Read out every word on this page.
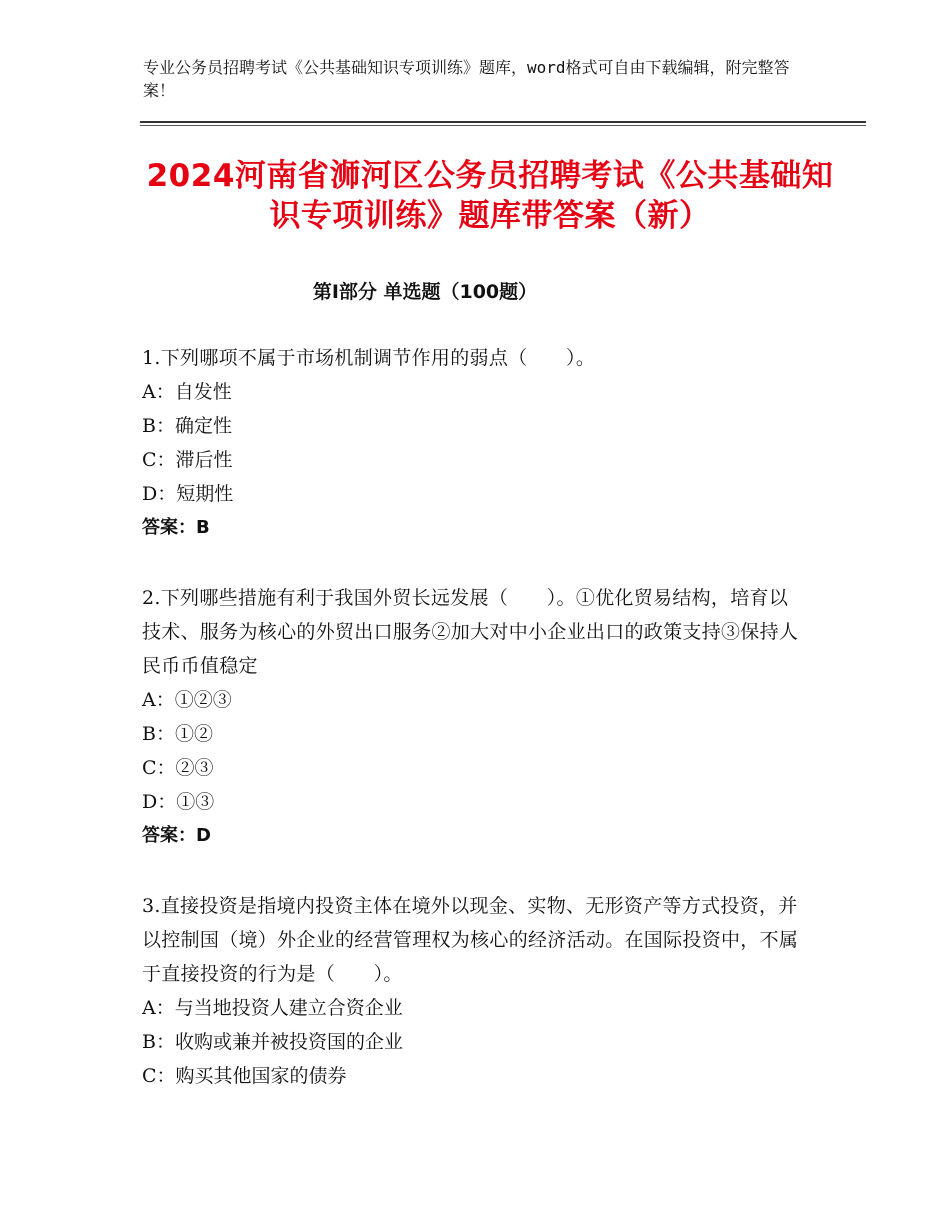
专业公务员招聘考试《公共基础知识专项训练》题库，word格式可自由下载编辑，附完整答案！
2024河南省浉河区公务员招聘考试《公共基础知识专项训练》题库带答案（新）
第Ⅰ部分 单选题（100题）

1.下列哪项不属于市场机制调节作用的弱点（　　）。

A：自发性

B：确定性

C：滞后性

D：短期性

答案：B

2.下列哪些措施有利于我国外贸长远发展（　　）。①优化贸易结构，培育以技术、服务为核心的外贸出口服务②加大对中小企业出口的政策支持③保持人民币币值稳定

A：①②③

B：①②

C：②③

D：①③

答案：D

3.直接投资是指境内投资主体在境外以现金、实物、无形资产等方式投资，并以控制国（境）外企业的经营管理权为核心的经济活动。在国际投资中，不属于直接投资的行为是（　　）。

A：与当地投资人建立合资企业

B：收购或兼并被投资国的企业

C：购买其他国家的债券
